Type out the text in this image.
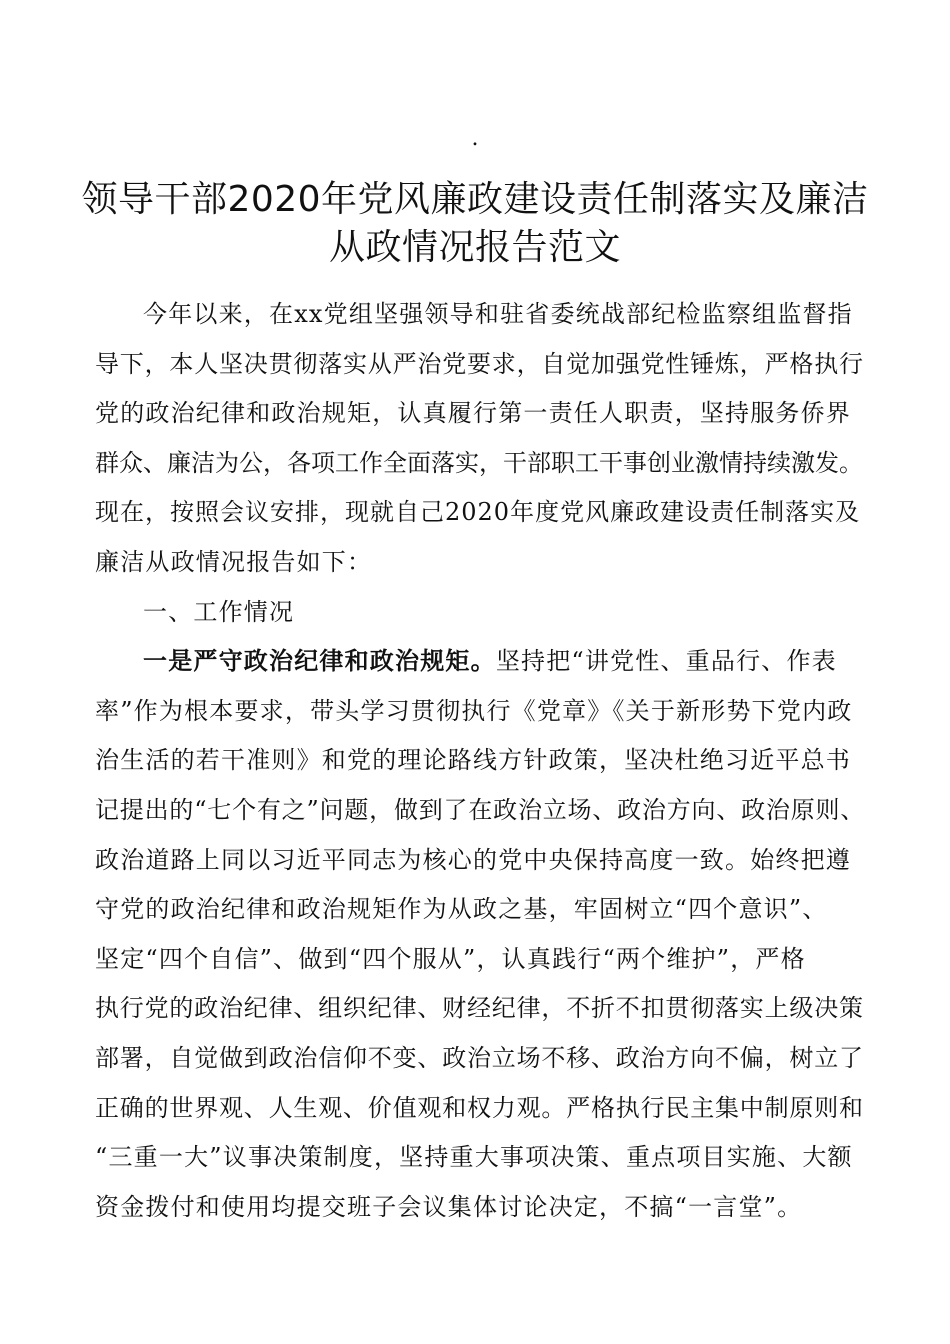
.
领导干部2020年党风廉政建设责任制落实及廉洁
从政情况报告范文

今年以来，在xx党组坚强领导和驻省委统战部纪检监察组监督指
导下，本人坚决贯彻落实从严治党要求，自觉加强党性锤炼，严格执行
党的政治纪律和政治规矩，认真履行第一责任人职责，坚持服务侨界
群众、廉洁为公，各项工作全面落实，干部职工干事创业激情持续激发。
现在，按照会议安排，现就自己2020年度党风廉政建设责任制落实及
廉洁从政情况报告如下：

一、工作情况

一是严守政治纪律和政治规矩。坚持把“讲党性、重品行、作表
率”作为根本要求，带头学习贯彻执行《党章》《关于新形势下党内政
治生活的若干准则》和党的理论路线方针政策，坚决杜绝习近平总书
记提出的“七个有之”问题，做到了在政治立场、政治方向、政治原则、
政治道路上同以习近平同志为核心的党中央保持高度一致。始终把遵
守党的政治纪律和政治规矩作为从政之基，牢固树立“四个意识”、
坚定“四个自信”、做到“四个服从”，认真践行“两个维护”，严格
执行党的政治纪律、组织纪律、财经纪律，不折不扣贯彻落实上级决策
部署，自觉做到政治信仰不变、政治立场不移、政治方向不偏，树立了
正确的世界观、人生观、价值观和权力观。严格执行民主集中制原则和
“三重一大”议事决策制度，坚持重大事项决策、重点项目实施、大额
资金拨付和使用均提交班子会议集体讨论决定，不搞“一言堂”。
